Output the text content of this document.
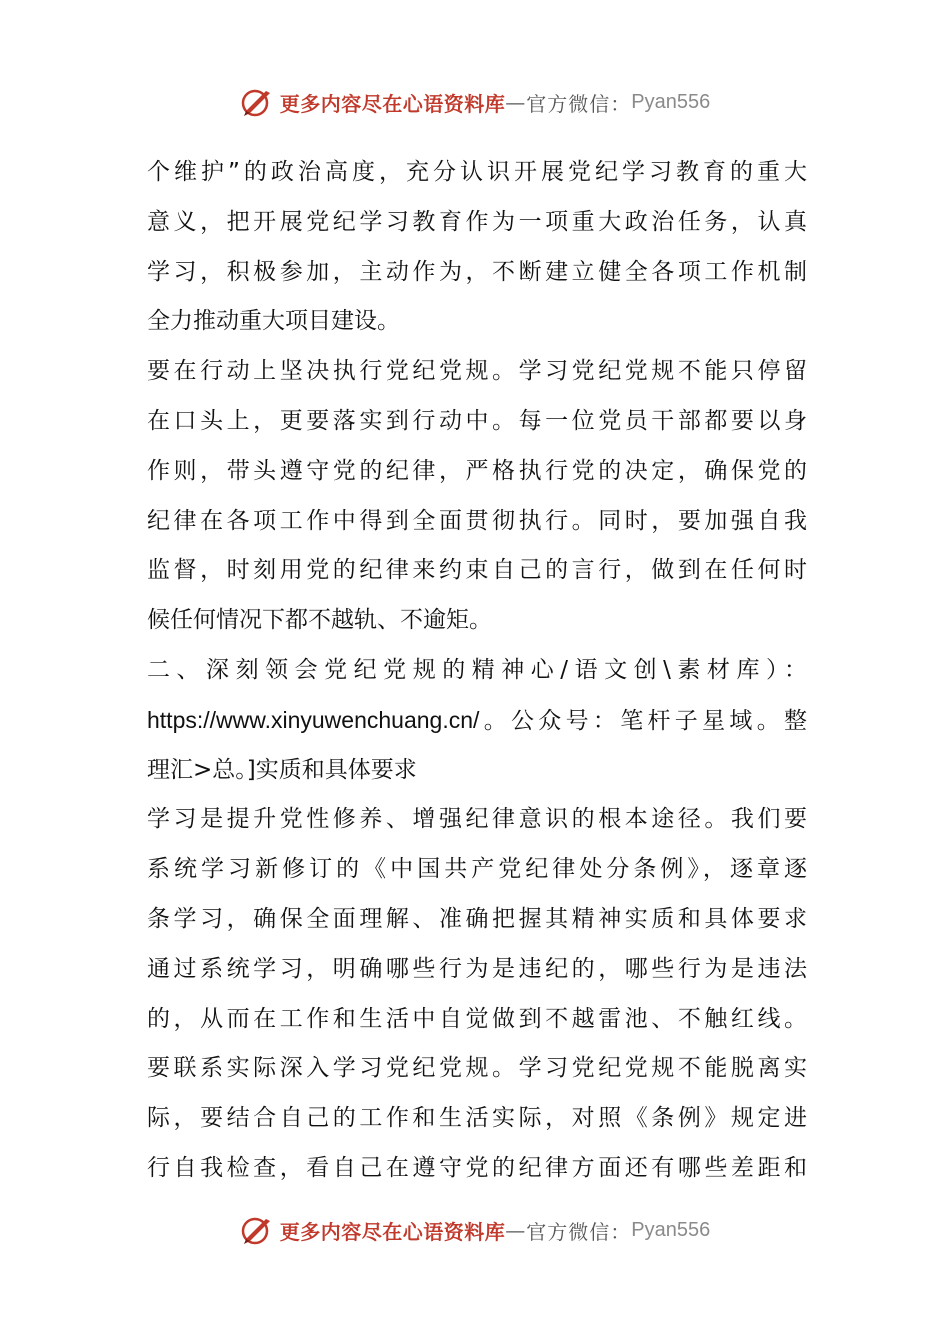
更多内容尽在心语资料库 — 官方微信： Pyan556
个维护”的政治高度，充分认识开展党纪学习教育的重大
意义，把开展党纪学习教育作为一项重大政治任务，认真
学习，积极参加，主动作为，不断建立健全各项工作机制
全力推动重大项目建设。
要在行动上坚决执行党纪党规。学习党纪党规不能只停留
在口头上，更要落实到行动中。每一位党员干部都要以身
作则，带头遵守党的纪律，严格执行党的决定，确保党的
纪律在各项工作中得到全面贯彻执行。同时，要加强自我
监督，时刻用党的纪律来约束自己的言行，做到在任何时
候任何情况下都不越轨、不逾矩。
二、深刻领会党纪党规的精神心/语文创\素材库）：
https://www.xinyuwenchuang.cn/。公众号：笔杆子星域。整
理汇>总。]实质和具体要求
学习是提升党性修养、增强纪律意识的根本途径。我们要
系统学习新修订的《中国共产党纪律处分条例》，逐章逐
条学习，确保全面理解、准确把握其精神实质和具体要求
通过系统学习，明确哪些行为是违纪的，哪些行为是违法
的，从而在工作和生活中自觉做到不越雷池、不触红线。
要联系实际深入学习党纪党规。学习党纪党规不能脱离实
际，要结合自己的工作和生活实际，对照《条例》规定进
行自我检查，看自己在遵守党的纪律方面还有哪些差距和
更多内容尽在心语资料库 — 官方微信： Pyan556
